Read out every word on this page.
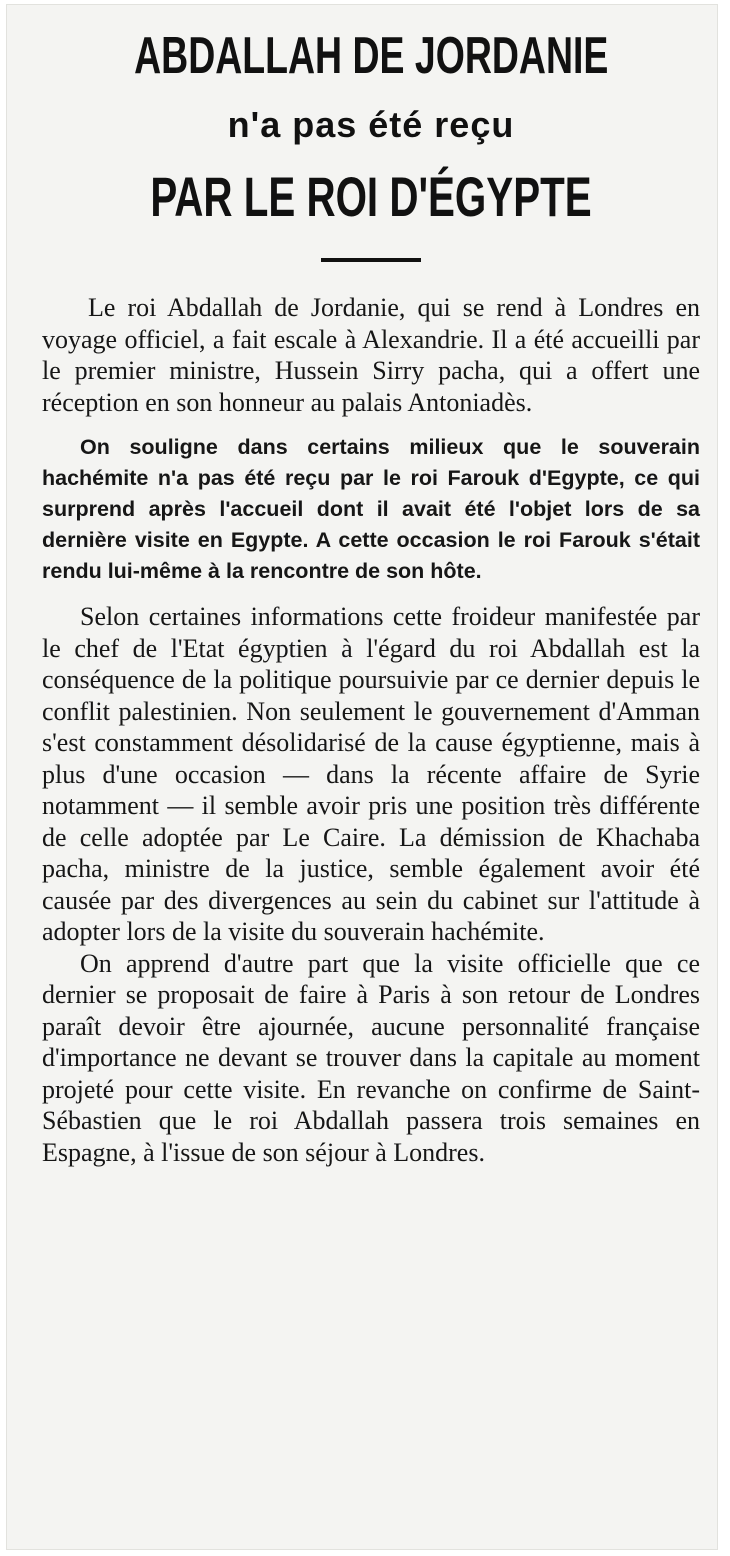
ABDALLAH DE JORDANIE
n'a pas été reçu
PAR LE ROI D'ÉGYPTE

Le roi Abdallah de Jordanie, qui se rend à Londres en voyage officiel, a fait escale à Alexandrie. Il a été accueilli par le premier ministre, Hussein Sirry pacha, qui a offert une réception en son honneur au palais Antoniadès.

On souligne dans certains milieux que le souverain hachémite n'a pas été reçu par le roi Farouk d'Egypte, ce qui surprend après l'accueil dont il avait été l'objet lors de sa dernière visite en Egypte. A cette occasion le roi Farouk s'était rendu lui-même à la rencontre de son hôte.

Selon certaines informations cette froideur manifestée par le chef de l'Etat égyptien à l'égard du roi Abdallah est la conséquence de la politique poursuivie par ce dernier depuis le conflit palestinien. Non seulement le gouvernement d'Amman s'est constamment désolidarisé de la cause égyptienne, mais à plus d'une occasion — dans la récente affaire de Syrie notamment — il semble avoir pris une position très différente de celle adoptée par Le Caire. La démission de Khachaba pacha, ministre de la justice, semble également avoir été causée par des divergences au sein du cabinet sur l'attitude à adopter lors de la visite du souverain hachémite.

On apprend d'autre part que la visite officielle que ce dernier se proposait de faire à Paris à son retour de Londres paraît devoir être ajournée, aucune personnalité française d'importance ne devant se trouver dans la capitale au moment projeté pour cette visite. En revanche on confirme de Saint-Sébastien que le roi Abdallah passera trois semaines en Espagne, à l'issue de son séjour à Londres.
